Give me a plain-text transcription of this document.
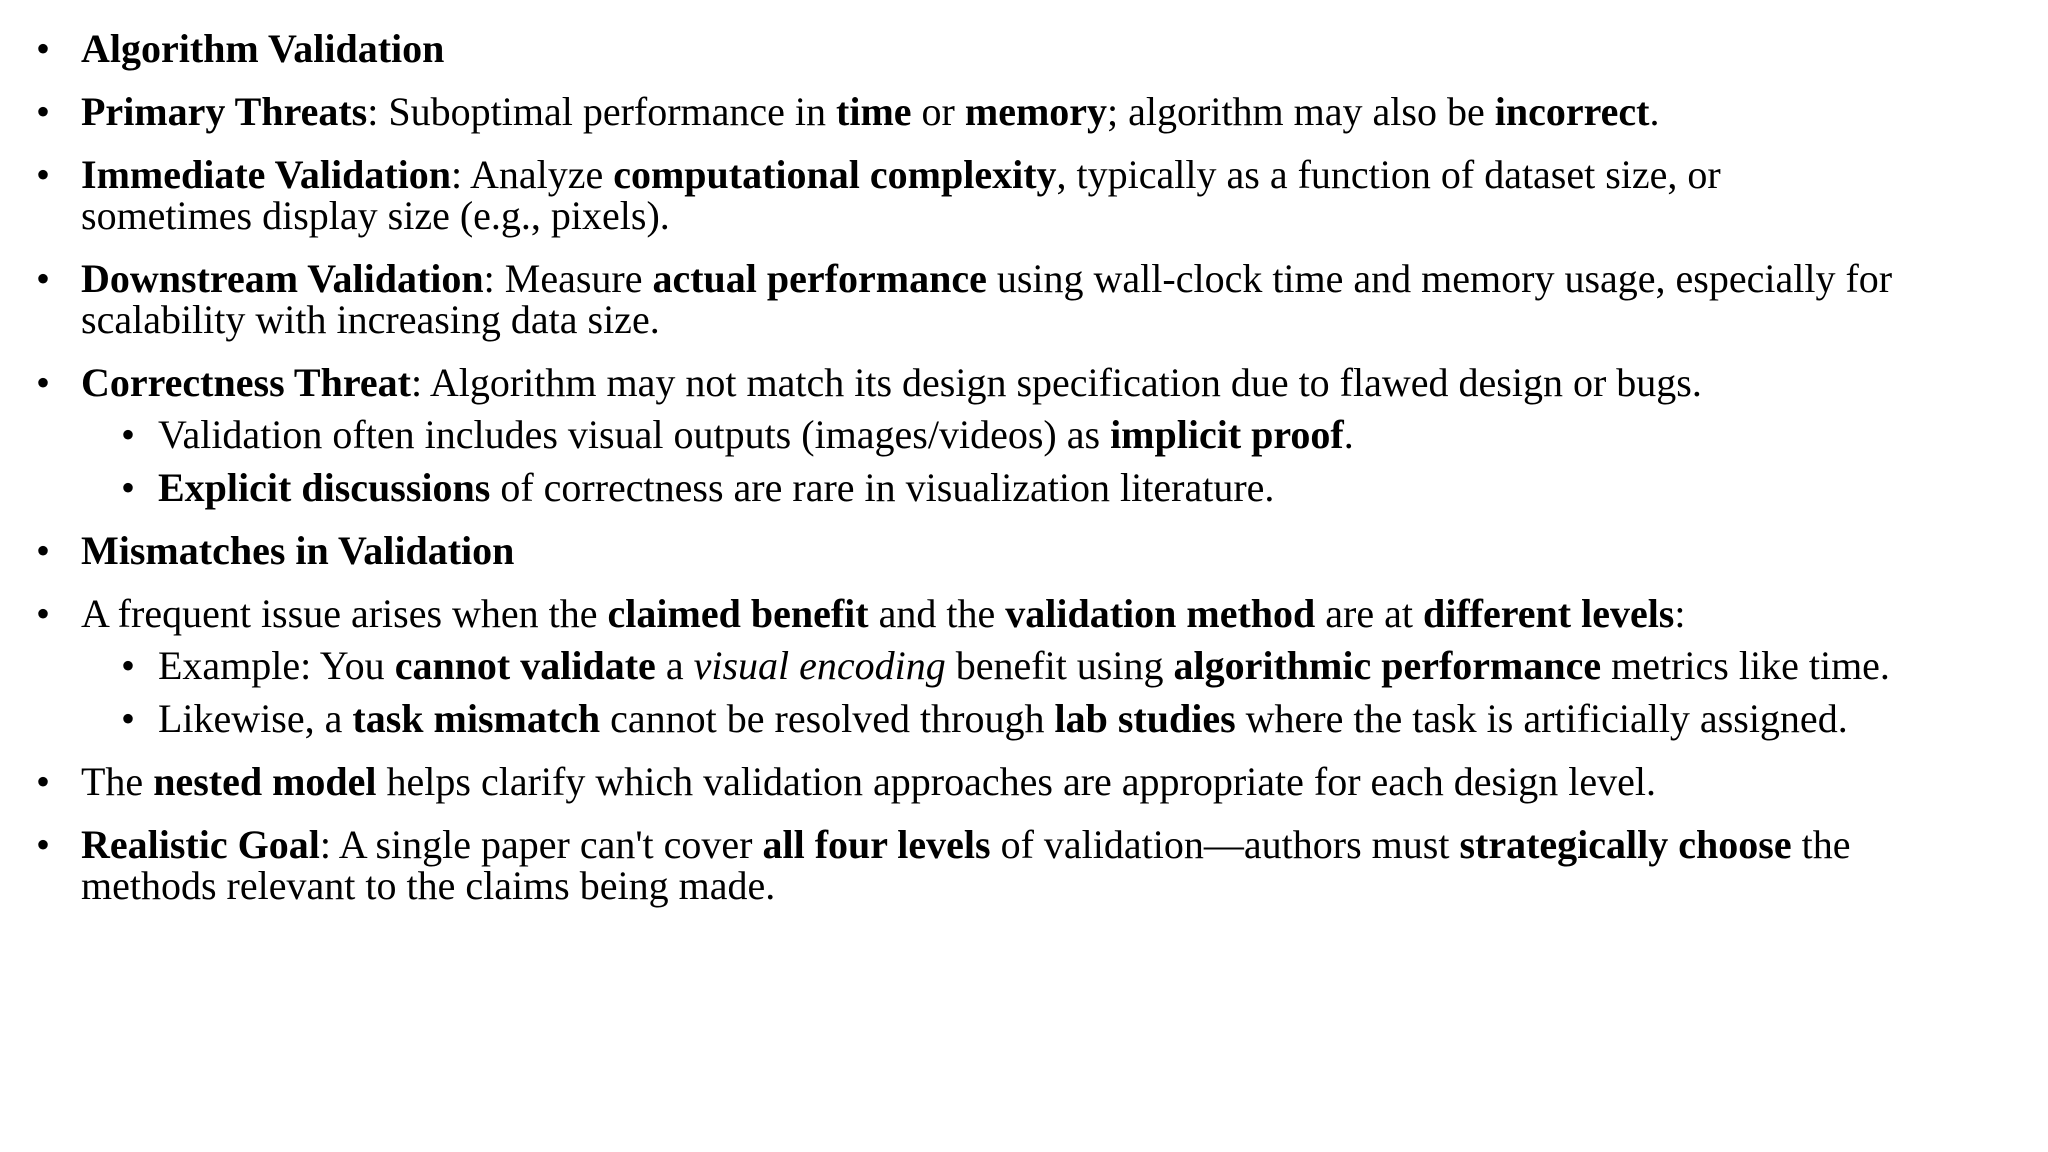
• Algorithm Validation
• Primary Threats: Suboptimal performance in time or memory; algorithm may also be incorrect.
• Immediate Validation: Analyze computational complexity, typically as a function of dataset size, or sometimes display size (e.g., pixels).
• Downstream Validation: Measure actual performance using wall-clock time and memory usage, especially for scalability with increasing data size.
• Correctness Threat: Algorithm may not match its design specification due to flawed design or bugs.
• Validation often includes visual outputs (images/videos) as implicit proof.
• Explicit discussions of correctness are rare in visualization literature.
• Mismatches in Validation
• A frequent issue arises when the claimed benefit and the validation method are at different levels:
• Example: You cannot validate a visual encoding benefit using algorithmic performance metrics like time.
• Likewise, a task mismatch cannot be resolved through lab studies where the task is artificially assigned.
• The nested model helps clarify which validation approaches are appropriate for each design level.
• Realistic Goal: A single paper can't cover all four levels of validation—authors must strategically choose the methods relevant to the claims being made.
